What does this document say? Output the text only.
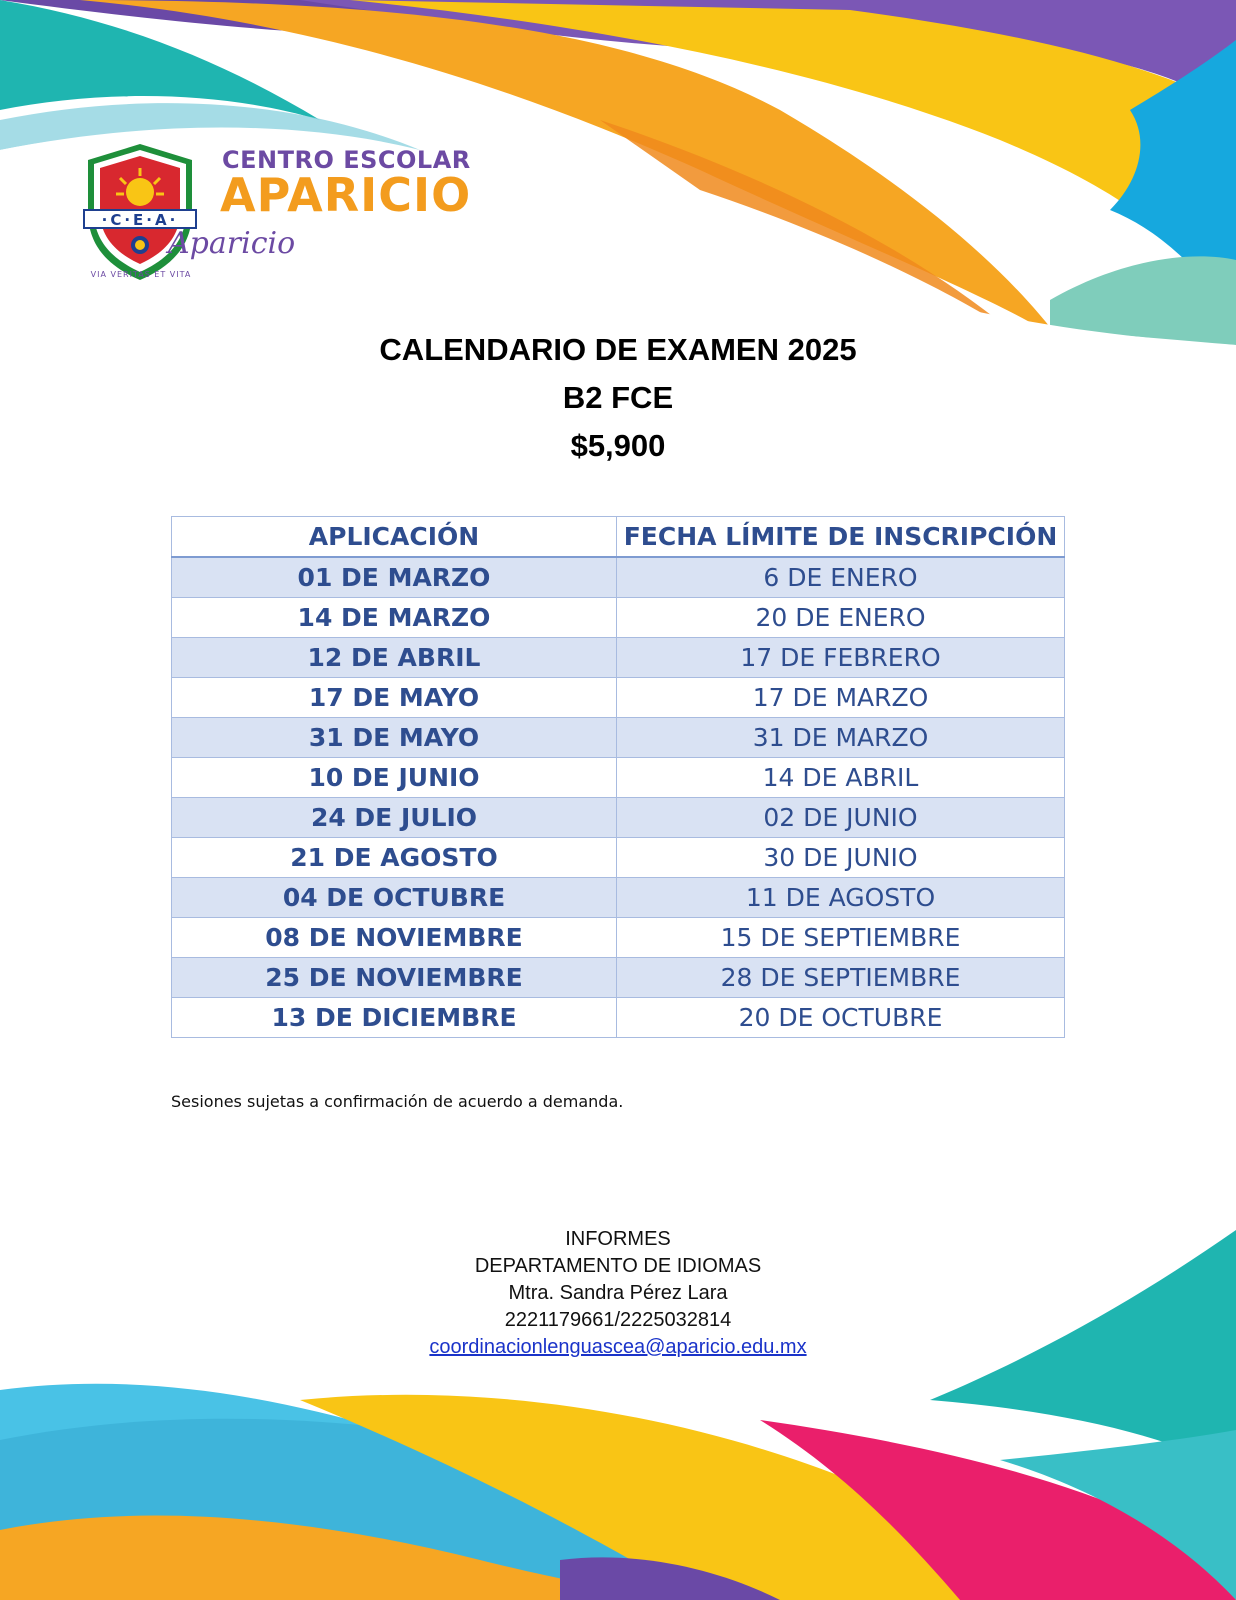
·C·E·A·
VIA VERITAS ET VITA
CENTRO ESCOLAR
APARICIO
Aparicio
CALENDARIO DE EXAMEN 2025
B2 FCE
$5,900
APLICACIÓN	FECHA LÍMITE DE INSCRIPCIÓN
01 DE MARZO	6 DE ENERO
14 DE MARZO	20 DE ENERO
12 DE ABRIL	17 DE FEBRERO
17 DE MAYO	17 DE MARZO
31 DE MAYO	31 DE MARZO
10 DE JUNIO	14 DE ABRIL
24 DE JULIO	02 DE JUNIO
21 DE AGOSTO	30 DE JUNIO
04 DE OCTUBRE	11 DE AGOSTO
08 DE NOVIEMBRE	15 DE SEPTIEMBRE
25 DE NOVIEMBRE	28 DE SEPTIEMBRE
13 DE DICIEMBRE	20 DE OCTUBRE
Sesiones sujetas a confirmación de acuerdo a demanda.
INFORMES
DEPARTAMENTO DE IDIOMAS
Mtra. Sandra Pérez Lara
2221179661/2225032814
coordinacionlenguascea@aparicio.edu.mx
